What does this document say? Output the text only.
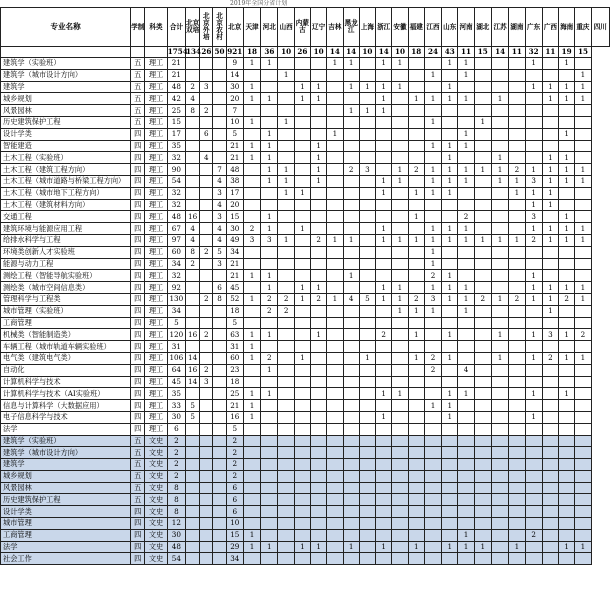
2019年全国分省计划
专业名称	学制	科类	合计	北京双培	北京外培	北京农村	北京	天津	河北	山西	内蒙古	辽宁	吉林	黑龙江	上海	浙江	安徽	福建	江西	山东	河南	湖北	江苏	湖南	广东	广西	海南	重庆	四川
			1754	134	26	50	921	18	36	10	26	10	14	14	10	14	10	18	24	43	11	15	14	11	32	11	19	15	
建筑学（实验班）	五	理工	21				9	1	1				1	1		1	1			1	1				1		1		
建筑学（城市设计方向）	五	理工	21				14			1									1		1							1	
建筑学	五	理工	48	2	3		30	1			1	1		1	1	1	1			1					1	1	1	1	
城乡规划	五	理工	42	4			20	1	1		1	1				1		1	1	1	1		1			1	1	1	
风景园林	五	理工	25	8	2		7							1	1	1													
历史建筑保护工程	五	理工	15				10	1		1									1			1							
设计学类	四	理工	17		6		5		1				1								1						1		
智能建造	四	理工	35				21	1	1			1							1	1	1								
土木工程（实验班）	四	理工	32		4		21	1	1			1								1			1			1	1		
土木工程（建筑工程方向）	四	理工	90			7	48		1	1		1		2	3		1	2	1	1	1	1	1	2	1	1	1	1	
土木工程（城市道路与桥梁工程方向）	四	理工	54			4	38		1	1		1				1	1		1	1	1		1	1	3	1	1	1	
土木工程（城市地下工程方向）	四	理工	32			3	17			1	1					1		1	1	1				1	1	1			
土木工程（建筑材料方向）	四	理工	32			4	20																		1	1			
交通工程	四	理工	48	16		3	15		1									1			2				3		1		
建筑环境与能源应用工程	四	理工	67	4		4	30	2	1		1					1			1	1	1				1	1	1	1	
给排水科学与工程	四	理工	97	4		4	49	3	3	1		2	1	1		1	1	1	1	1	1	1	1	1	2	1	1	1	
环境类创新人才实验班	四	理工	60	8	2	5	34												1										
能源与动力工程	四	理工	34	2		3	21												1										
测绘工程（智能导航实验班）	四	理工	32				21	1	1					1					2	1					1				
测绘类（城市空间信息类）	四	理工	92			6	45		1		1	1				1	1		1	1	1				1	1	1	1	
管理科学与工程类	四	理工	130		2	8	52	1	2	2	1	2	1	4	5	1	1	2	3	1	1	2	1	2	1	1	2	1	
城市管理（实验班）	四	理工	34				18		2	2							1	1	1		1					1			
工商管理	四	理工	5				5																						
机械类（智能制造类）	四	理工	120	16	2		63	1	1			1				2		1		1			1		1	3	1	2	
车辆工程（城市轨道车辆实验班）	四	理工	31				31	1																					
电气类（建筑电气类）	四	理工	106	14			60	1	2		1				1			1	2	1			1		1	2	1	1	
自动化	四	理工	64	16	2		23		1										2		4								
计算机科学与技术	四	理工	45	14	3		18																						
计算机科学与技术（AI实验班）	四	理工	35				25	1	1							1	1			1	1				1		1		
信息与计算科学（大数据应用）	四	理工	33	5			21	1											1	1									
电子信息科学与技术	四	理工	30	5			16	1								1				1					1				
法学	四	理工	6				5																						
建筑学（实验班）	五	文史	2				2																						
建筑学（城市设计方向）	五	文史	2				2																						
建筑学	五	文史	2				2																						
城乡规划	五	文史	2				2																						
风景园林	五	文史	8				6																						
历史建筑保护工程	五	文史	8				6																						
设计学类	四	文史	8				6																						
城市管理	四	文史	12				10																						
工商管理	四	文史	30				15	1													1				2				
法学	四	文史	48				29	1	1		1	1		1		1		1		1	1	1		1			1	1	
社会工作	四	文史	54				34																						
